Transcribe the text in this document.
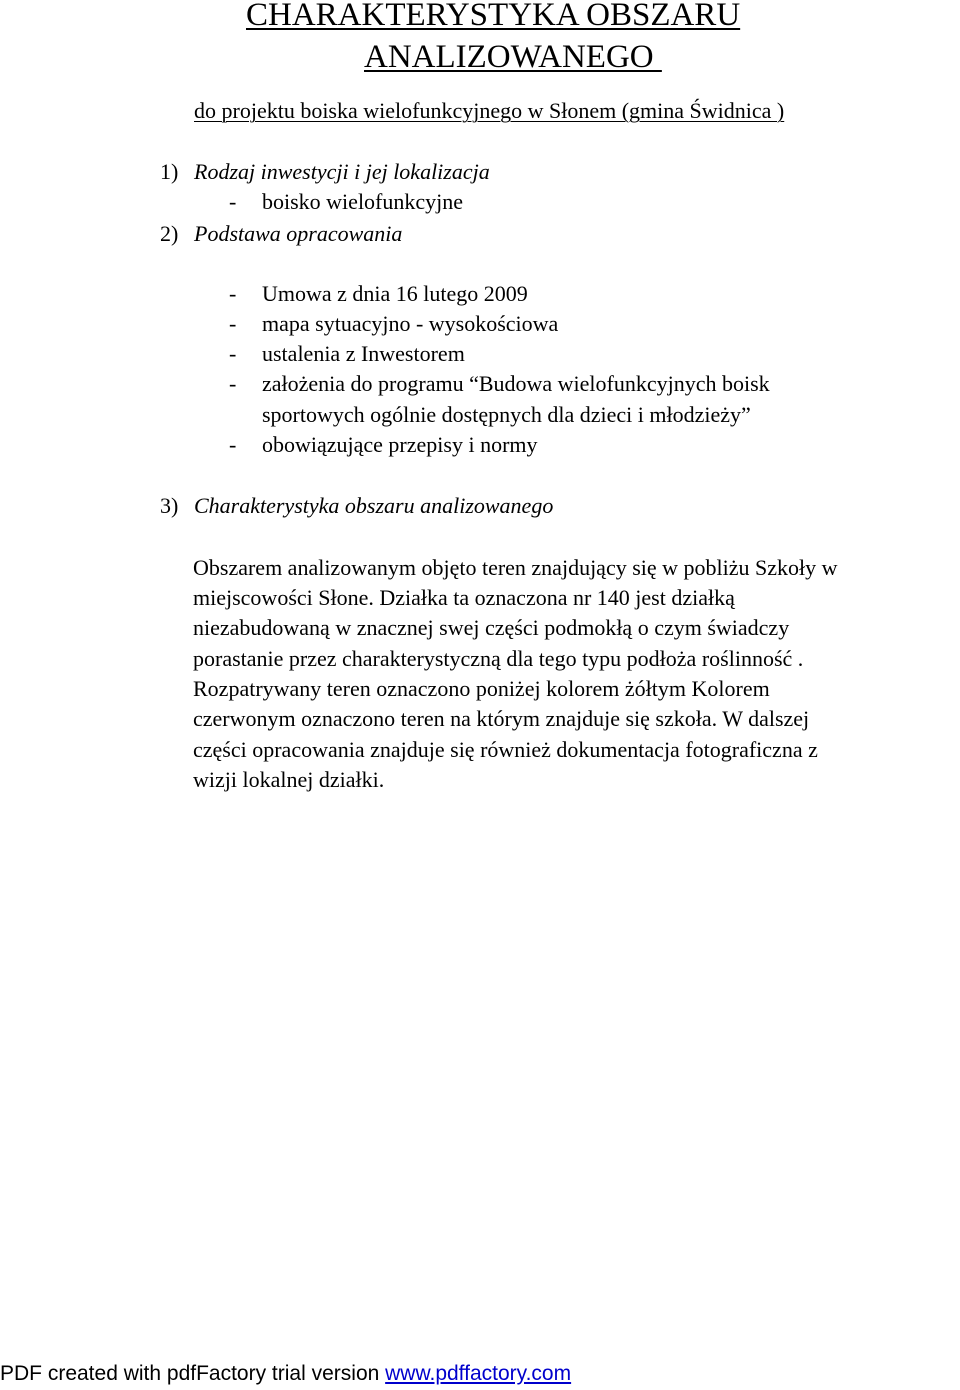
CHARAKTERYSTYKA OBSZARU
ANALIZOWANEGO
do projektu boiska wielofunkcyjnego w Słonem (gmina Świdnica )
1) Rodzaj inwestycji i jej lokalizacja
- boisko wielofunkcyjne
2) Podstawa opracowania
- Umowa z dnia 16 lutego 2009
- mapa sytuacyjno - wysokościowa
- ustalenia z Inwestorem
- założenia do programu “Budowa wielofunkcyjnych boisk
sportowych ogólnie dostępnych dla dzieci i młodzieży”
- obowiązujące przepisy i normy
3) Charakterystyka obszaru analizowanego
Obszarem analizowanym objęto teren znajdujący się w pobliżu Szkoły w
miejscowości Słone. Działka ta oznaczona nr 140 jest działką
niezabudowaną w znacznej swej części podmokłą o czym świadczy
porastanie przez charakterystyczną dla tego typu podłoża roślinność .
Rozpatrywany teren oznaczono poniżej kolorem żółtym Kolorem
czerwonym oznaczono teren na którym znajduje się szkoła. W dalszej
części opracowania znajduje się również dokumentacja fotograficzna z
wizji lokalnej działki.
PDF created with pdfFactory trial version www.pdffactory.com
